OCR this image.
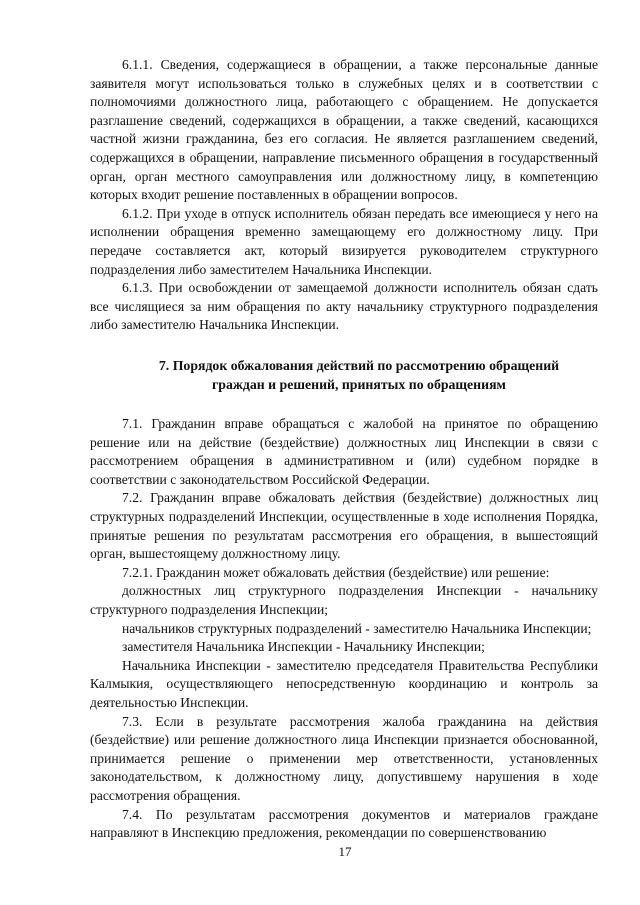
6.1.1. Сведения, содержащиеся в обращении, а также персональные данные заявителя могут использоваться только в служебных целях и в соответствии с полномочиями должностного лица, работающего с обращением. Не допускается разглашение сведений, содержащихся в обращении, а также сведений, касающихся частной жизни гражданина, без его согласия. Не является разглашением сведений, содержащихся в обращении, направление письменного обращения в государственный орган, орган местного самоуправления или должностному лицу, в компетенцию которых входит решение поставленных в обращении вопросов.

6.1.2. При уходе в отпуск исполнитель обязан передать все имеющиеся у него на исполнении обращения временно замещающему его должностному лицу. При передаче составляется акт, который визируется руководителем структурного подразделения либо заместителем Начальника Инспекции.

6.1.3. При освобождении от замещаемой должности исполнитель обязан сдать все числящиеся за ним обращения по акту начальнику структурного подразделения либо заместителю Начальника Инспекции.

7. Порядок обжалования действий по рассмотрению обращений
граждан и решений, принятых по обращениям

7.1. Гражданин вправе обращаться с жалобой на принятое по обращению решение или на действие (бездействие) должностных лиц Инспекции в связи с рассмотрением обращения в административном и (или) судебном порядке в соответствии с законодательством Российской Федерации.

7.2. Гражданин вправе обжаловать действия (бездействие) должностных лиц структурных подразделений Инспекции, осуществленные в ходе исполнения Порядка, принятые решения по результатам рассмотрения его обращения, в вышестоящий орган, вышестоящему должностному лицу.

7.2.1. Гражданин может обжаловать действия (бездействие) или решение:

должностных лиц структурного подразделения Инспекции - начальнику структурного подразделения Инспекции;

начальников структурных подразделений - заместителю Начальника Инспекции;

заместителя Начальника Инспекции - Начальнику Инспекции;

Начальника Инспекции - заместителю председателя Правительства Республики Калмыкия, осуществляющего непосредственную координацию и контроль за деятельностью Инспекции.

7.3. Если в результате рассмотрения жалоба гражданина на действия (бездействие) или решение должностного лица Инспекции признается обоснованной, принимается решение о применении мер ответственности, установленных законодательством, к должностному лицу, допустившему нарушения в ходе рассмотрения обращения.

7.4. По результатам рассмотрения документов и материалов граждане направляют в Инспекцию предложения, рекомендации по совершенствованию

17
